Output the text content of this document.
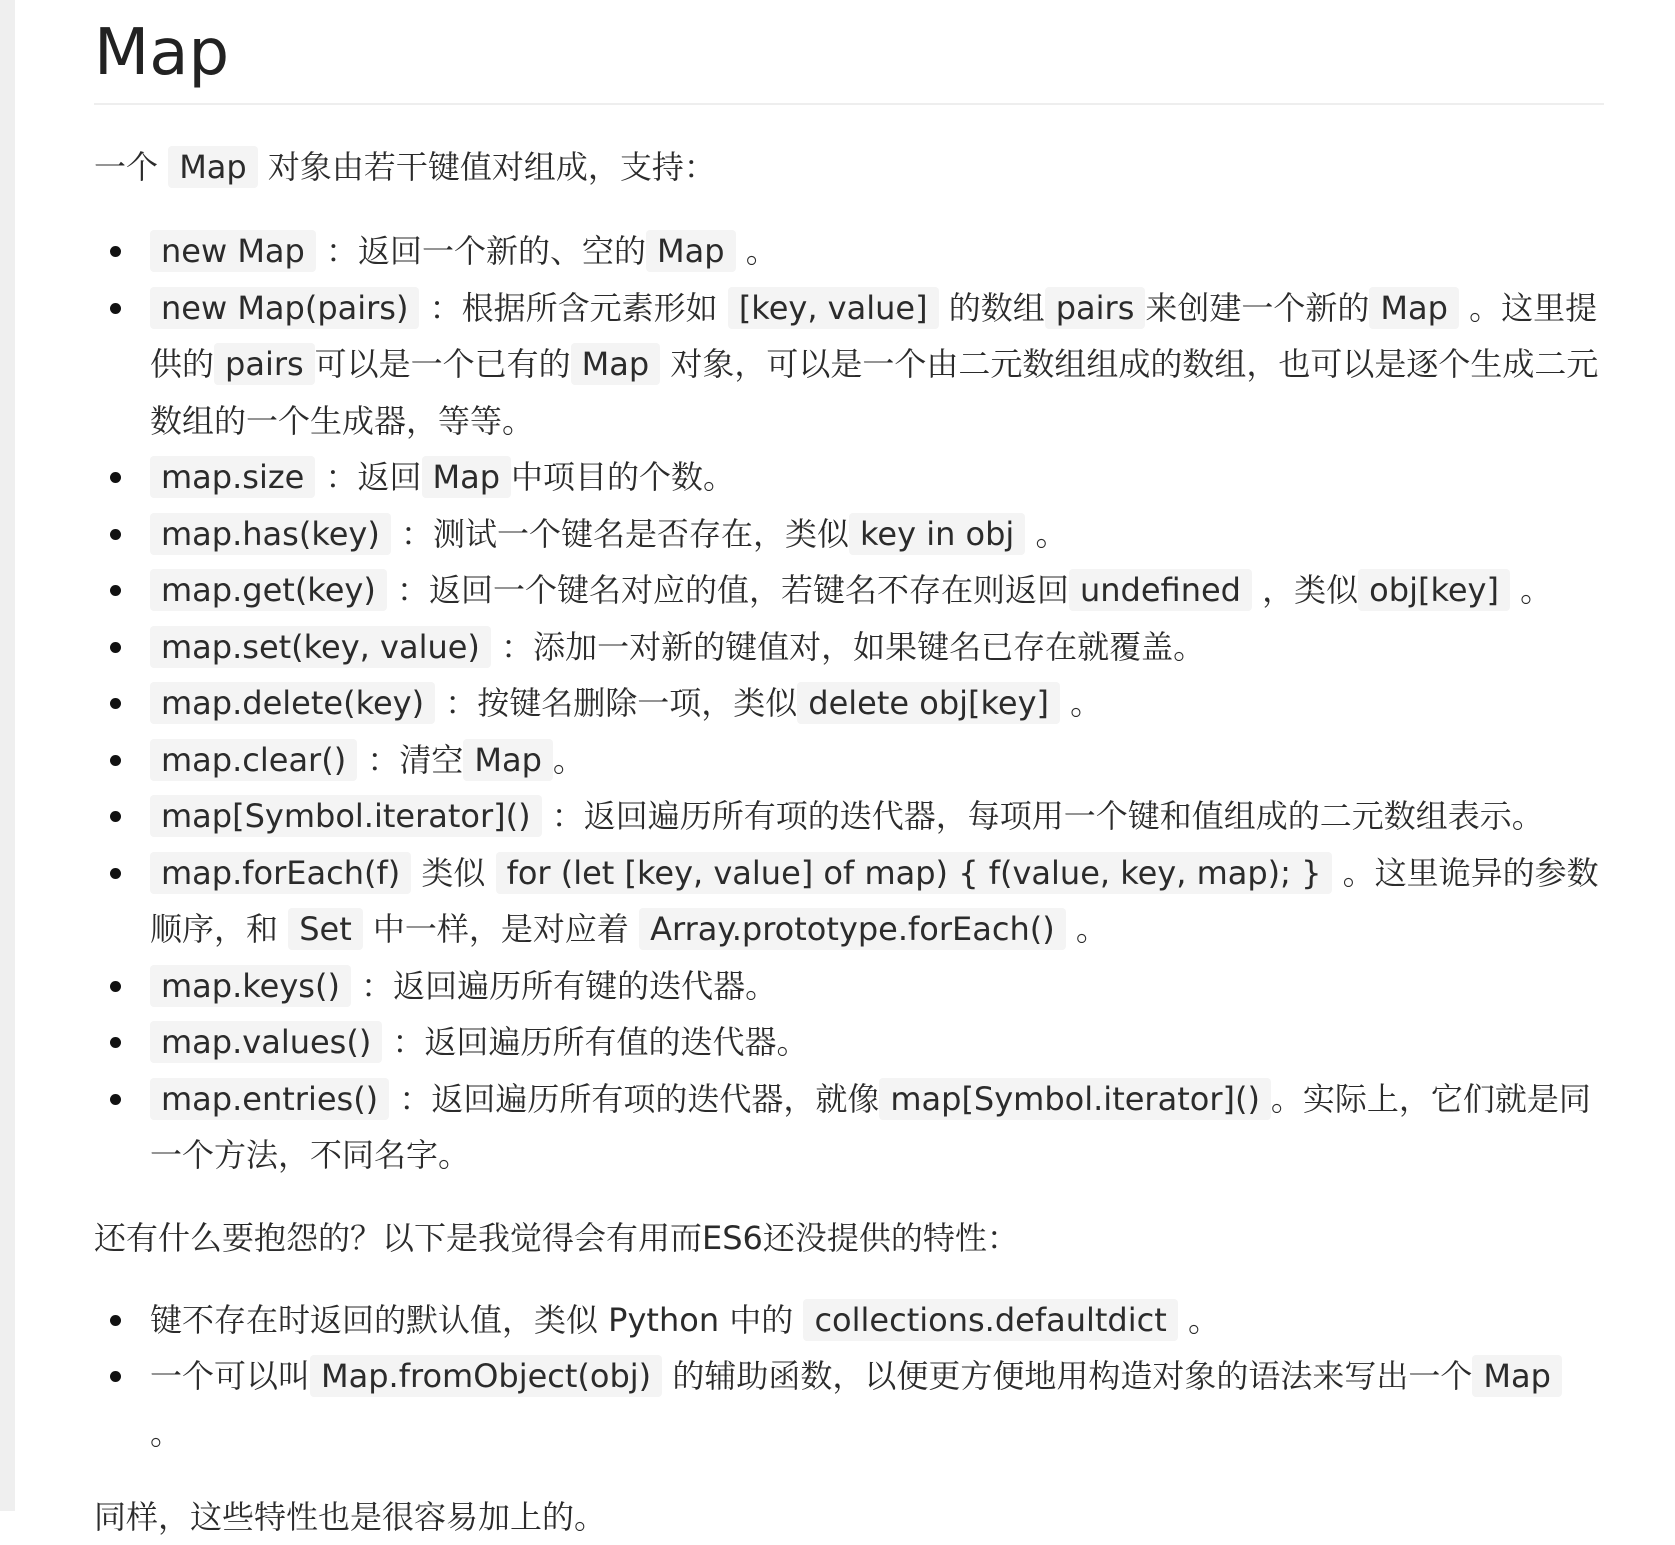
Map

一个 Map 对象由若干键值对组成，支持：

new Map ：返回一个新的、空的 Map 。
new Map(pairs) ：根据所含元素形如 [key, value] 的数组 pairs 来创建一个新的 Map 。这里提供的 pairs 可以是一个已有的 Map 对象，可以是一个由二元数组组成的数组，也可以是逐个生成二元数组的一个生成器，等等。
map.size ：返回 Map 中项目的个数。
map.has(key) ：测试一个键名是否存在，类似 key in obj 。
map.get(key) ：返回一个键名对应的值，若键名不存在则返回 undefined ，类似 obj[key] 。
map.set(key, value) ：添加一对新的键值对，如果键名已存在就覆盖。
map.delete(key) ：按键名删除一项，类似 delete obj[key] 。
map.clear() ：清空 Map 。
map[Symbol.iterator]() ：返回遍历所有项的迭代器，每项用一个键和值组成的二元数组表示。
map.forEach(f) 类似 for (let [key, value] of map) { f(value, key, map); } 。这里诡异的参数顺序，和 Set 中一样，是对应着 Array.prototype.forEach() 。
map.keys() ：返回遍历所有键的迭代器。
map.values() ：返回遍历所有值的迭代器。
map.entries() ：返回遍历所有项的迭代器，就像 map[Symbol.iterator]() 。实际上，它们就是同一个方法，不同名字。

还有什么要抱怨的？以下是我觉得会有用而ES6还没提供的特性：

键不存在时返回的默认值，类似 Python 中的 collections.defaultdict 。
一个可以叫 Map.fromObject(obj) 的辅助函数，以便更方便地用构造对象的语法来写出一个 Map 。

同样，这些特性也是很容易加上的。
